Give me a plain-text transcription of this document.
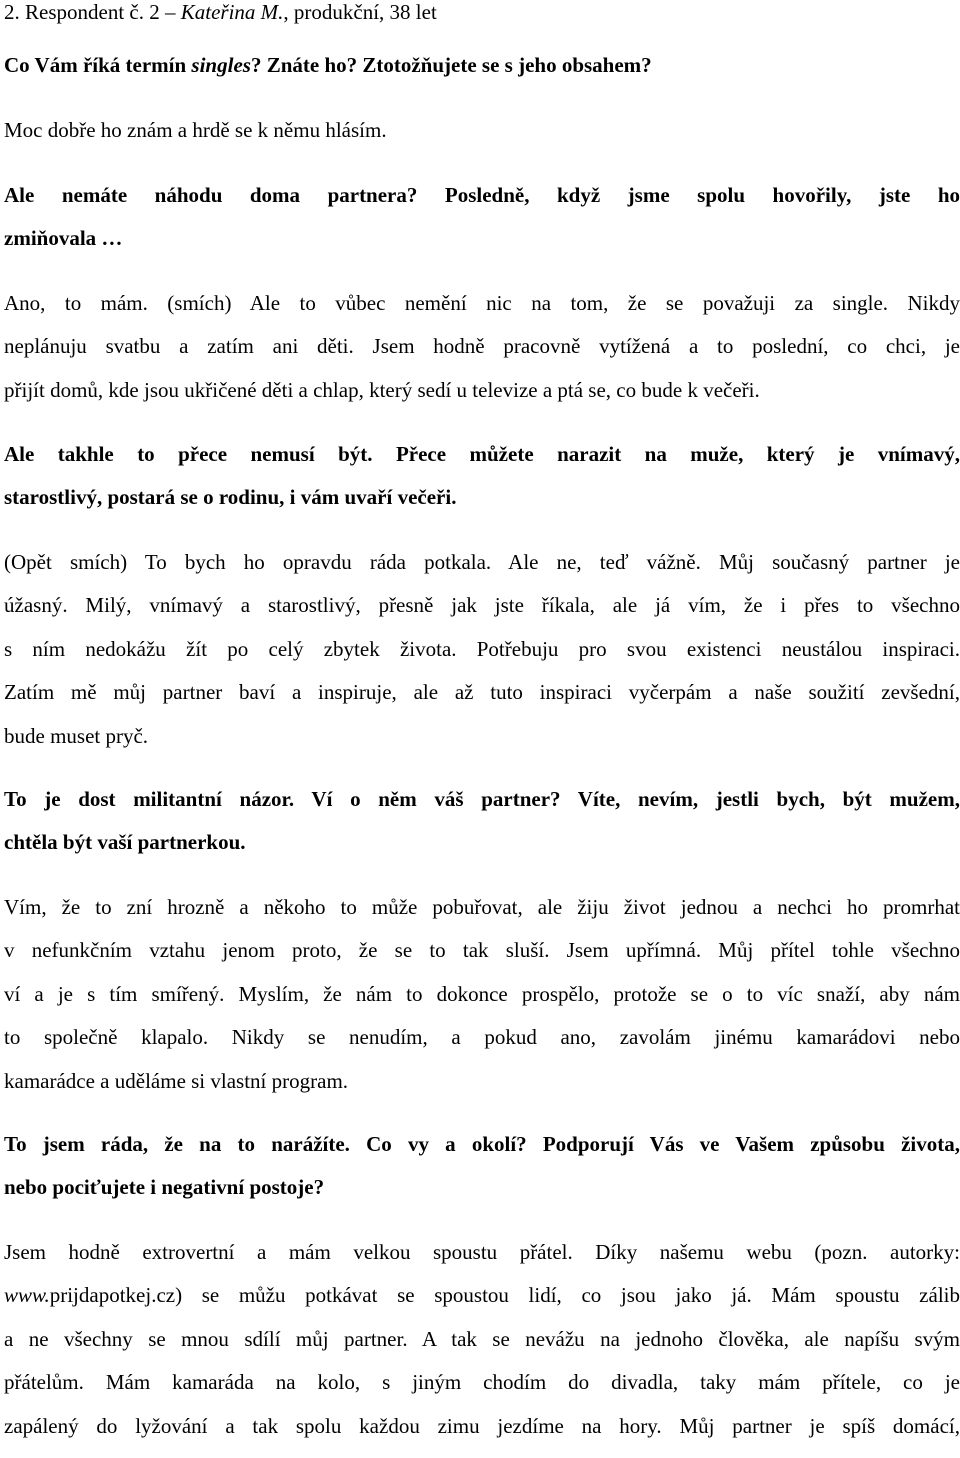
2. Respondent č. 2 – Kateřina M., produkční, 38 let
Co Vám říká termín singles? Znáte ho? Ztotožňujete se s jeho obsahem?
Moc dobře ho znám a hrdě se k němu hlásím.
Ale nemáte náhodu doma partnera? Posledně, když jsme spolu hovořily, jste ho
zmiňovala …
Ano, to mám. (smích) Ale to vůbec nemění nic na tom, že se považuji za single. Nikdy
neplánuju svatbu a zatím ani děti. Jsem hodně pracovně vytížená a to poslední, co chci, je
přijít domů, kde jsou ukřičené děti a chlap, který sedí u televize a ptá se, co bude k večeři.
Ale takhle to přece nemusí být. Přece můžete narazit na muže, který je vnímavý,
starostlivý, postará se o rodinu, i vám uvaří večeři.
(Opět smích) To bych ho opravdu ráda potkala. Ale ne, teď vážně. Můj současný partner je
úžasný. Milý, vnímavý a starostlivý, přesně jak jste říkala, ale já vím, že i přes to všechno
s ním nedokážu žít po celý zbytek života. Potřebuju pro svou existenci neustálou inspiraci.
Zatím mě můj partner baví a inspiruje, ale až tuto inspiraci vyčerpám a naše soužití zevšední,
bude muset pryč.
To je dost militantní názor. Ví o něm váš partner? Víte, nevím, jestli bych, být mužem,
chtěla být vaší partnerkou.
Vím, že to zní hrozně a někoho to může pobuřovat, ale žiju život jednou a nechci ho promrhat
v nefunkčním vztahu jenom proto, že se to tak sluší. Jsem upřímná. Můj přítel tohle všechno
ví a je s tím smířený. Myslím, že nám to dokonce prospělo, protože se o to víc snaží, aby nám
to společně klapalo. Nikdy se nenudím, a pokud ano, zavolám jinému kamarádovi nebo
kamarádce a uděláme si vlastní program.
To jsem ráda, že na to narážíte. Co vy a okolí? Podporují Vás ve Vašem způsobu života,
nebo pociťujete i negativní postoje?
Jsem hodně extrovertní a mám velkou spoustu přátel. Díky našemu webu (pozn. autorky:
www.prijdapotkej.cz) se můžu potkávat se spoustou lidí, co jsou jako já. Mám spoustu zálib
a ne všechny se mnou sdílí můj partner. A tak se nevážu na jednoho člověka, ale napíšu svým
přátelům. Mám kamaráda na kolo, s jiným chodím do divadla, taky mám přítele, co je
zapálený do lyžování a tak spolu každou zimu jezdíme na hory. Můj partner je spíš domácí,
